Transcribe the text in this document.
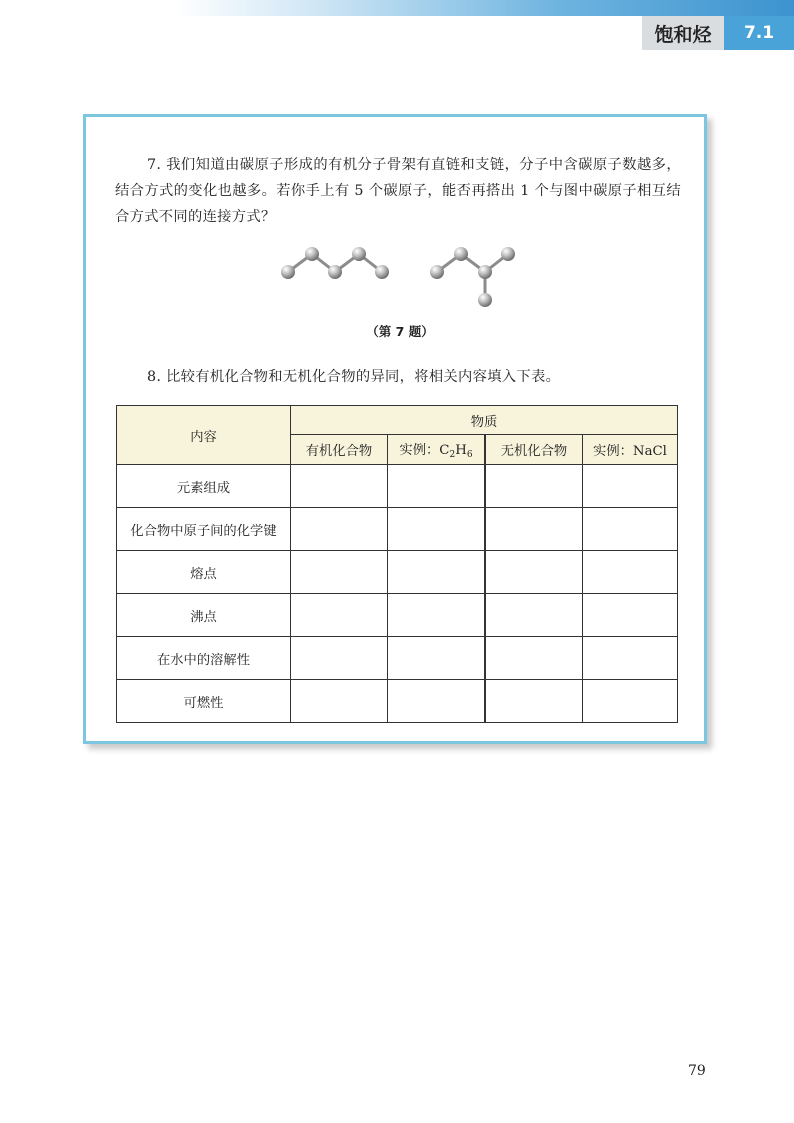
饱和烃	7.1
7. 我们知道由碳原子形成的有机分子骨架有直链和支链，分子中含碳原子数越多，结合方式的变化也越多。若你手上有 5 个碳原子，能否再搭出 1 个与图中碳原子相互结合方式不同的连接方式？
（第 7 题）
8. 比较有机化合物和无机化合物的异同，将相关内容填入下表。
内容	物质			
	有机化合物	实例：$C_2H_6$	无机化合物	实例：NaCl
元素组成				
化合物中原子间的化学键				
熔点				
沸点				
在水中的溶解性				
可燃性				
79
